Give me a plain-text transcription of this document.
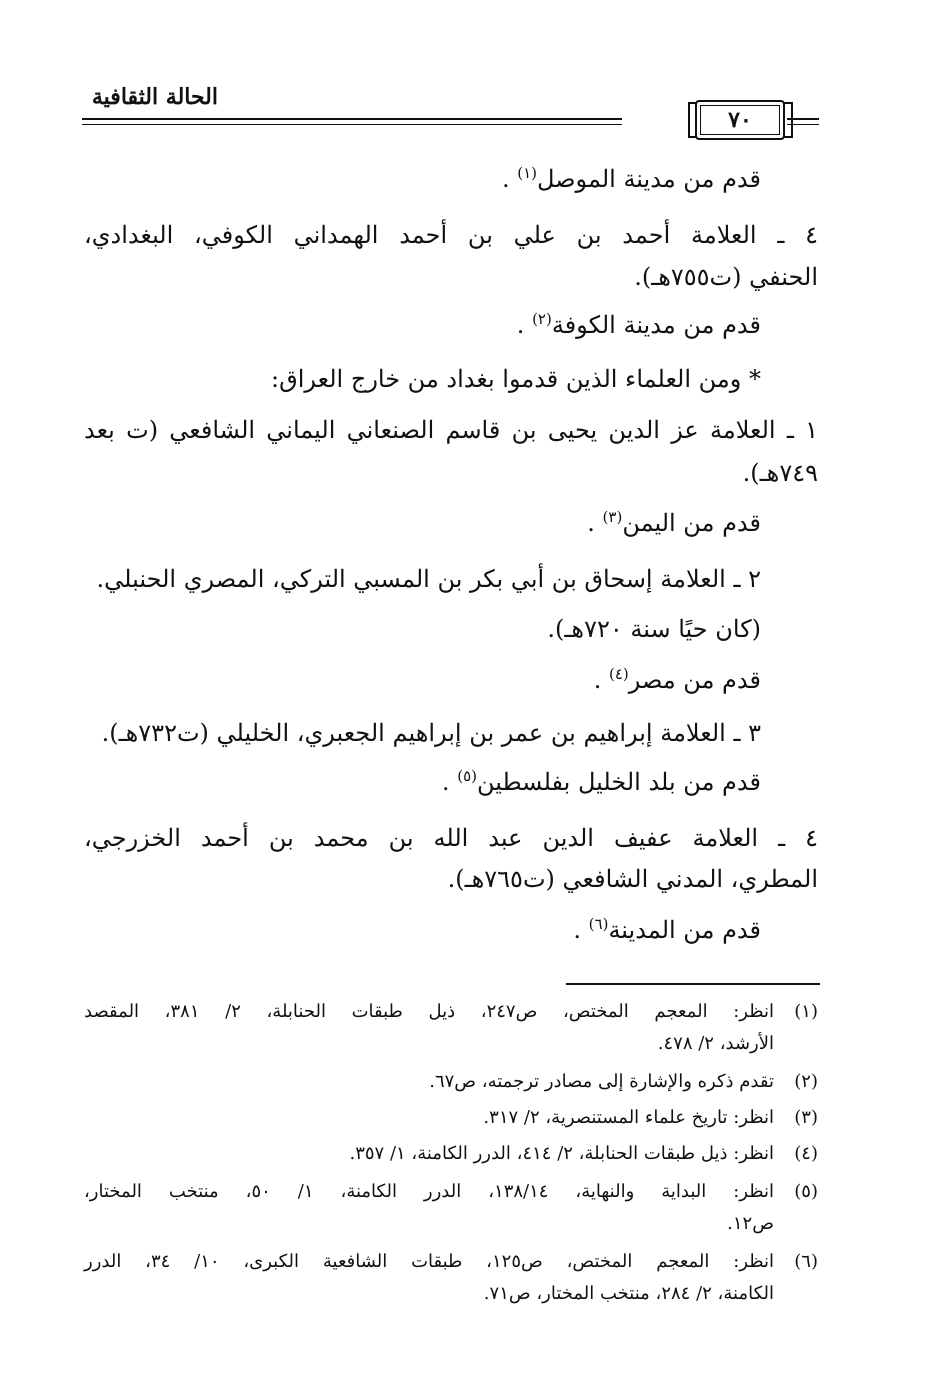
الحالة الثقافية
٧٠
قدم من مدينة الموصل$^{(١)}$ .
٤ ـ العلامة أحمد بن علي بن أحمد الهمداني الكوفي، البغدادي،
الحنفي (ت٧٥٥هـ).
قدم من مدينة الكوفة$^{(٢)}$ .
* ومن العلماء الذين قدموا بغداد من خارج العراق:
١ ـ العلامة عز الدين يحيى بن قاسم الصنعاني اليماني الشافعي (ت بعد
٧٤٩هـ).
قدم من اليمن$^{(٣)}$ .
٢ ـ العلامة إسحاق بن أبي بكر بن المسبي التركي، المصري الحنبلي.
(كان حيًا سنة ٧٢٠هـ).
قدم من مصر$^{(٤)}$ .
٣ ـ العلامة إبراهيم بن عمر بن إبراهيم الجعبري، الخليلي (ت٧٣٢هـ).
قدم من بلد الخليل بفلسطين$^{(٥)}$ .
٤ ـ العلامة عفيف الدين عبد الله بن محمد بن أحمد الخزرجي،
المطري، المدني الشافعي (ت٧٦٥هـ).
قدم من المدينة$^{(٦)}$ .
(١)
انظر: المعجم المختص، ص٢٤٧، ذيل طبقات الحنابلة، ٢/ ٣٨١، المقصد
الأرشد، ٢/ ٤٧٨.
(٢)
تقدم ذكره والإشارة إلى مصادر ترجمته، ص٦٧.
(٣)
انظر: تاريخ علماء المستنصرية، ٢/ ٣١٧.
(٤)
انظر: ذيل طبقات الحنابلة، ٢/ ٤١٤، الدرر الكامنة، ١/ ٣٥٧.
(٥)
انظر: البداية والنهاية، ١٣٨/١٤، الدرر الكامنة، ١/ ٥٠، منتخب المختار،
ص١٢.
(٦)
انظر: المعجم المختص، ص١٢٥، طبقات الشافعية الكبرى، ١٠/ ٣٤، الدرر
الكامنة، ٢/ ٢٨٤، منتخب المختار، ص٧١.
